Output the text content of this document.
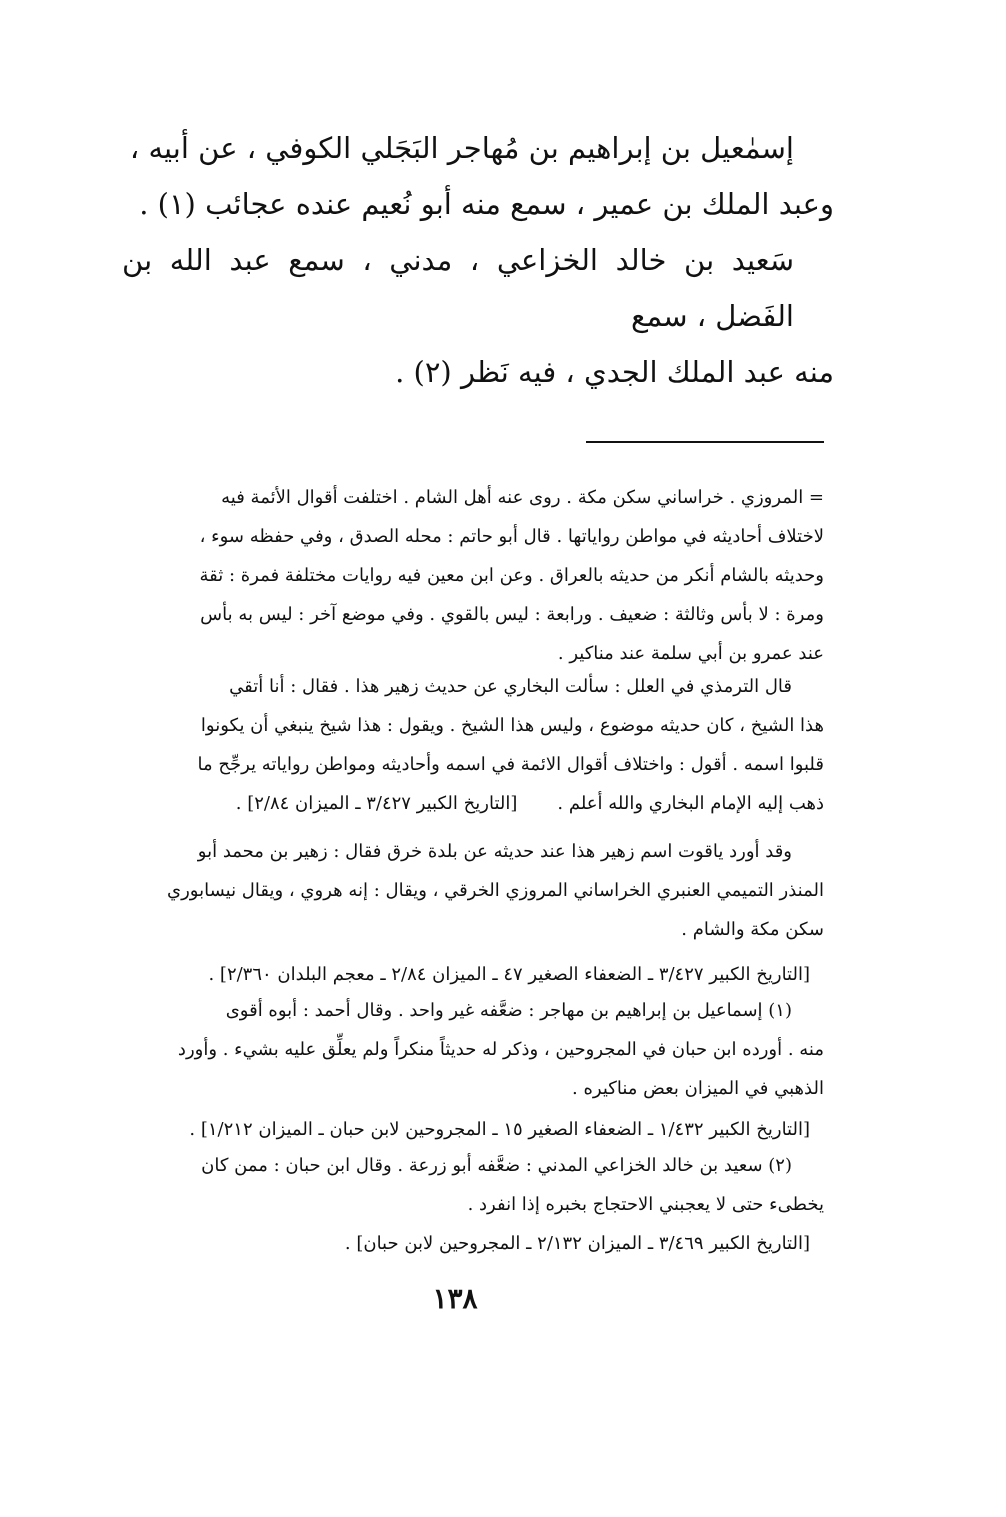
إسمٰعيل بن إبراهيم بن مُهاجر البَجَلي الكوفي ، عن أبيه ،

وعبد الملك بن عمير ، سمع منه أبو نُعيم عنده عجائب (١) .

سَعيد بن خالد الخزاعي ، مدني ، سمع عبد الله بن الفَضل ، سمع

منه عبد الملك الجدي ، فيه نَظر (٢) .

= المروزي . خراساني سكن مكة . روى عنه أهل الشام . اختلفت أقوال الأئمة فيه

لاختلاف أحاديثه في مواطن رواياتها . قال أبو حاتم : محله الصدق ، وفي حفظه سوء ،

وحديثه بالشام أنكر من حديثه بالعراق . وعن ابن معين فيه روايات مختلفة فمرة : ثقة

ومرة : لا بأس وثالثة : ضعيف . ورابعة : ليس بالقوي . وفي موضع آخر : ليس به بأس

عند عمرو بن أبي سلمة عند مناكير .

قال الترمذي في العلل : سألت البخاري عن حديث زهير هذا . فقال : أنا أتقي

هذا الشيخ ، كان حديثه موضوع ، وليس هذا الشيخ . ويقول : هذا شيخ ينبغي أن يكونوا

قلبوا اسمه . أقول : واختلاف أقوال الائمة في اسمه وأحاديثه ومواطن رواياته يرجِّح ما

ذهب إليه الإمام البخاري والله أعلم .[التاريخ الكبير ٣/٤٢٧ ـ الميزان ٢/٨٤] .

وقد أورد ياقوت اسم زهير هذا عند حديثه عن بلدة خرق فقال : زهير بن محمد أبو

المنذر التميمي العنبري الخراساني المروزي الخرقي ، ويقال : إنه هروي ، ويقال نيسابوري

سكن مكة والشام .

[التاريخ الكبير ٣/٤٢٧ ـ الضعفاء الصغير ٤٧ ـ الميزان ٢/٨٤ ـ معجم البلدان ٢/٣٦٠] .

(١) إسماعيل بن إبراهيم بن مهاجر : ضعَّفه غير واحد . وقال أحمد : أبوه أقوى

منه . أورده ابن حبان في المجروحين ، وذكر له حديثاً منكراً ولم يعلِّق عليه بشيء . وأورد

الذهبي في الميزان بعض مناكيره .

[التاريخ الكبير ١/٤٣٢ ـ الضعفاء الصغير ١٥ ـ المجروحين لابن حبان ـ الميزان ١/٢١٢] .

(٢) سعيد بن خالد الخزاعي المدني : ضعَّفه أبو زرعة . وقال ابن حبان : ممن كان

يخطىء حتى لا يعجبني الاحتجاج بخبره إذا انفرد .

[التاريخ الكبير ٣/٤٦٩ ـ الميزان ٢/١٣٢ ـ المجروحين لابن حبان] .

١٣٨
